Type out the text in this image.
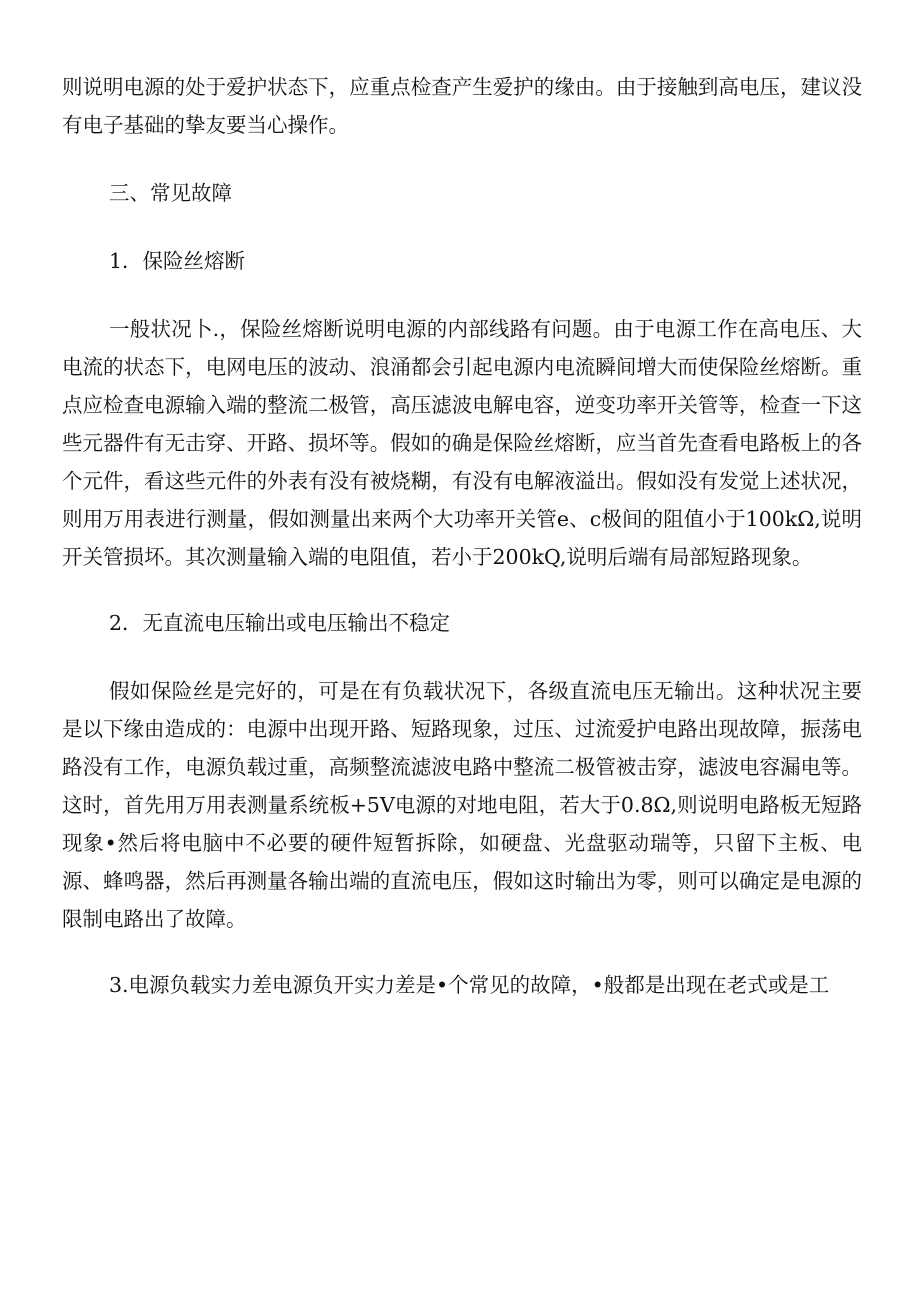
则说明电源的处于爱护状态下，应重点检查产生爱护的缘由。由于接触到高电压，建议没有电子基础的挚友要当心操作。

三、常见故障

1．保险丝熔断

一般状况卜.，保险丝熔断说明电源的内部线路有问题。由于电源工作在高电压、大电流的状态下，电网电压的波动、浪涌都会引起电源内电流瞬间增大而使保险丝熔断。重点应检查电源输入端的整流二极管，高压滤波电解电容，逆变功率开关管等，检查一下这些元器件有无击穿、开路、损坏等。假如的确是保险丝熔断，应当首先查看电路板上的各个元件，看这些元件的外表有没有被烧糊，有没有电解液溢出。假如没有发觉上述状况，则用万用表进行测量，假如测量出来两个大功率开关管e、c极间的阻值小于100kΩ,说明开关管损坏。其次测量输入端的电阻值，若小于200kQ,说明后端有局部短路现象。

2．无直流电压输出或电压输出不稳定

假如保险丝是完好的，可是在有负载状况下，各级直流电压无输出。这种状况主要是以下缘由造成的：电源中出现开路、短路现象，过压、过流爱护电路出现故障，振荡电路没有工作，电源负载过重，高频整流滤波电路中整流二极管被击穿，滤波电容漏电等。这时，首先用万用表测量系统板+5V电源的对地电阻，若大于0.8Ω,则说明电路板无短路现象•然后将电脑中不必要的硬件短暂拆除，如硬盘、光盘驱动瑞等，只留下主板、电源、蜂鸣器，然后再测量各输出端的直流电压，假如这时输出为零，则可以确定是电源的限制电路出了故障。

3.电源负载实力差电源负开实力差是•个常见的故障，•般都是出现在老式或是工
